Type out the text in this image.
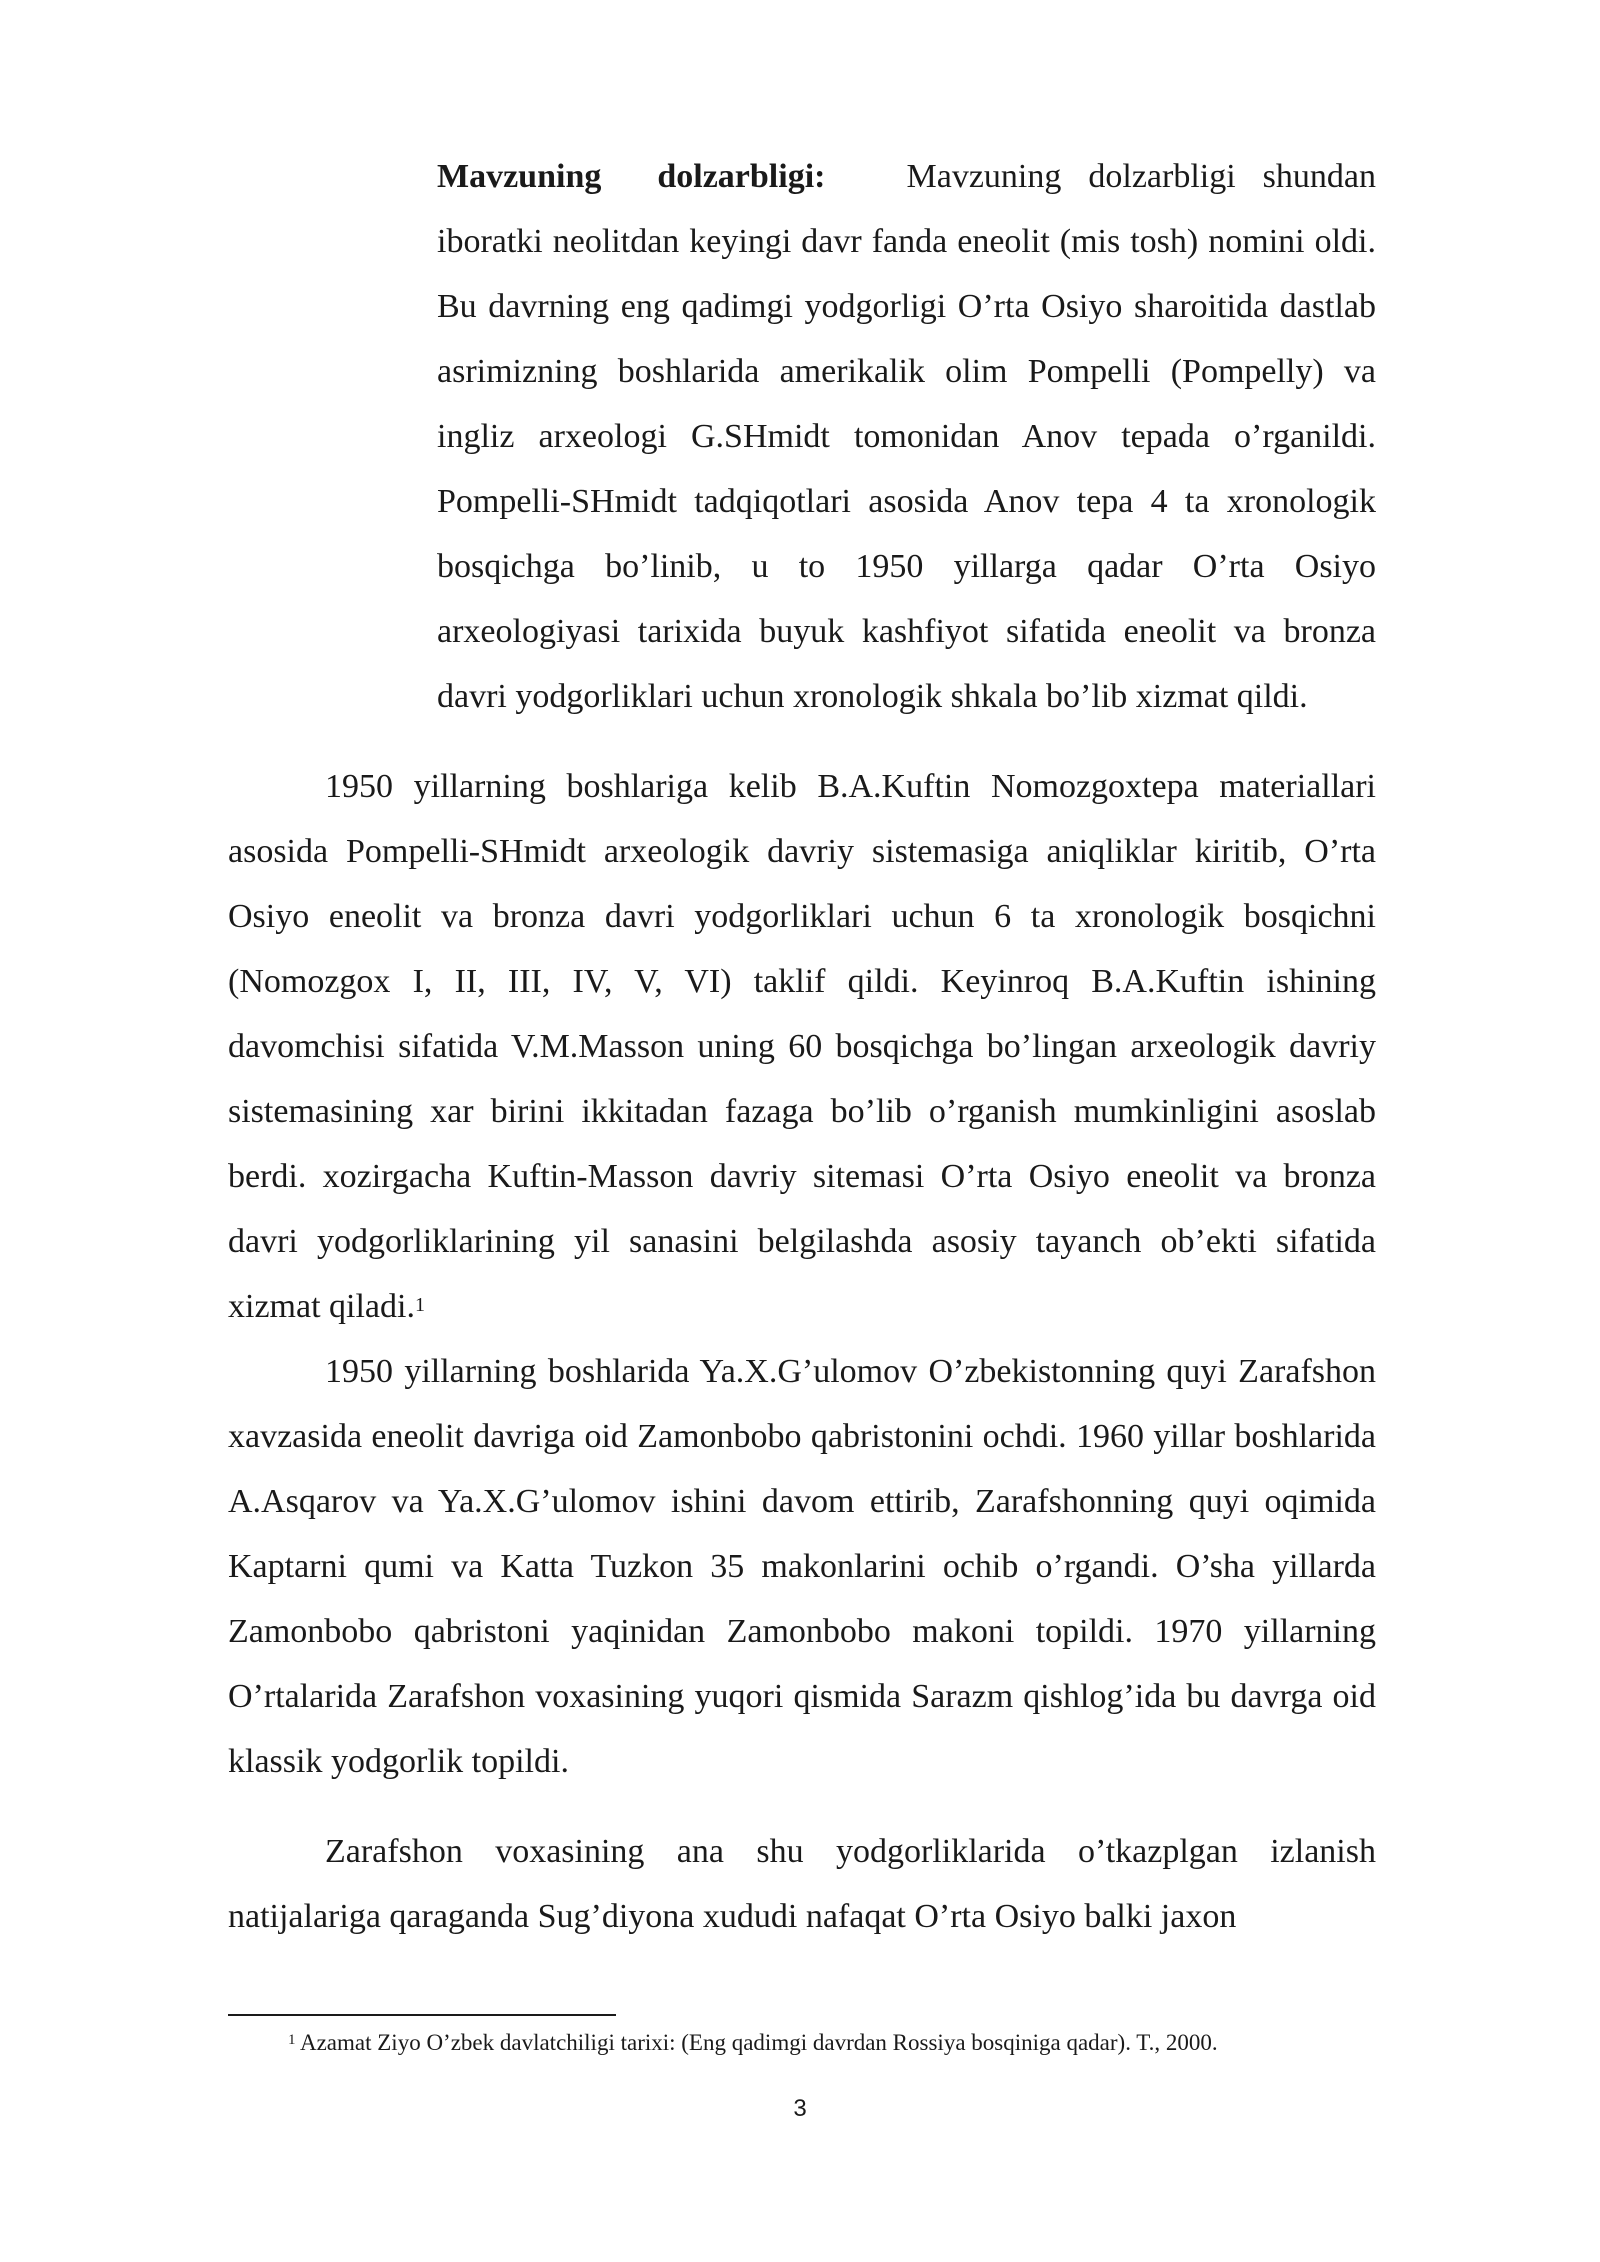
Mavzuning dolzarbligi: Mavzuning dolzarbligi shundan iboratki neolitdan keyingi davr fanda eneolit (mis tosh) nomini oldi. Bu davrning eng qadimgi yodgorligi O’rta Osiyo sharoitida dastlab asrimizning boshlarida amerikalik olim Pompelli (Pompelly) va ingliz arxeologi G.SHmidt tomonidan Anov tepada o’rganildi. Pompelli-SHmidt tadqiqotlari asosida Anov tepa 4 ta xronologik bosqichga bo’linib, u to 1950 yillarga qadar O’rta Osiyo arxeologiyasi tarixida buyuk kashfiyot sifatida eneolit va bronza davri yodgorliklari uchun xronologik shkala bo’lib xizmat qildi.

1950 yillarning boshlariga kelib B.A.Kuftin Nomozgoxtepa materiallari asosida Pompelli-SHmidt arxeologik davriy sistemasiga aniqliklar kiritib, O’rta Osiyo eneolit va bronza davri yodgorliklari uchun 6 ta xronologik bosqichni (Nomozgox I, II, III, IV, V, VI) taklif qildi. Keyinroq B.A.Kuftin ishining davomchisi sifatida V.M.Masson uning 60 bosqichga bo’lingan arxeologik davriy sistemasining xar birini ikkitadan fazaga bo’lib o’rganish mumkinligini asoslab berdi. xozirgacha Kuftin-Masson davriy sitemasi O’rta Osiyo eneolit va bronza davri yodgorliklarining yil sanasini belgilashda asosiy tayanch ob’ekti sifatida xizmat qiladi.$^1$

1950 yillarning boshlarida Ya.X.G’ulomov O’zbekistonning quyi Zarafshon xavzasida eneolit davriga oid Zamonbobo qabristonini ochdi. 1960 yillar boshlarida A.Asqarov va Ya.X.G’ulomov ishini davom ettirib, Zarafshonning quyi oqimida Kaptarni qumi va Katta Tuzkon 35 makonlarini ochib o’rgandi. O’sha yillarda Zamonbobo qabristoni yaqinidan Zamonbobo makoni topildi. 1970 yillarning O’rtalarida Zarafshon voxasining yuqori qismida Sarazm qishlog’ida bu davrga oid klassik yodgorlik topildi.

Zarafshon voxasining ana shu yodgorliklarida o’tkazplgan izlanish natijalariga qaraganda Sug’diyona xududi nafaqat O’rta Osiyo balki jaxon

$^1$ Azamat Ziyo O’zbek davlatchiligi tarixi: (Eng qadimgi davrdan Rossiya bosqiniga qadar). T., 2000.

3
